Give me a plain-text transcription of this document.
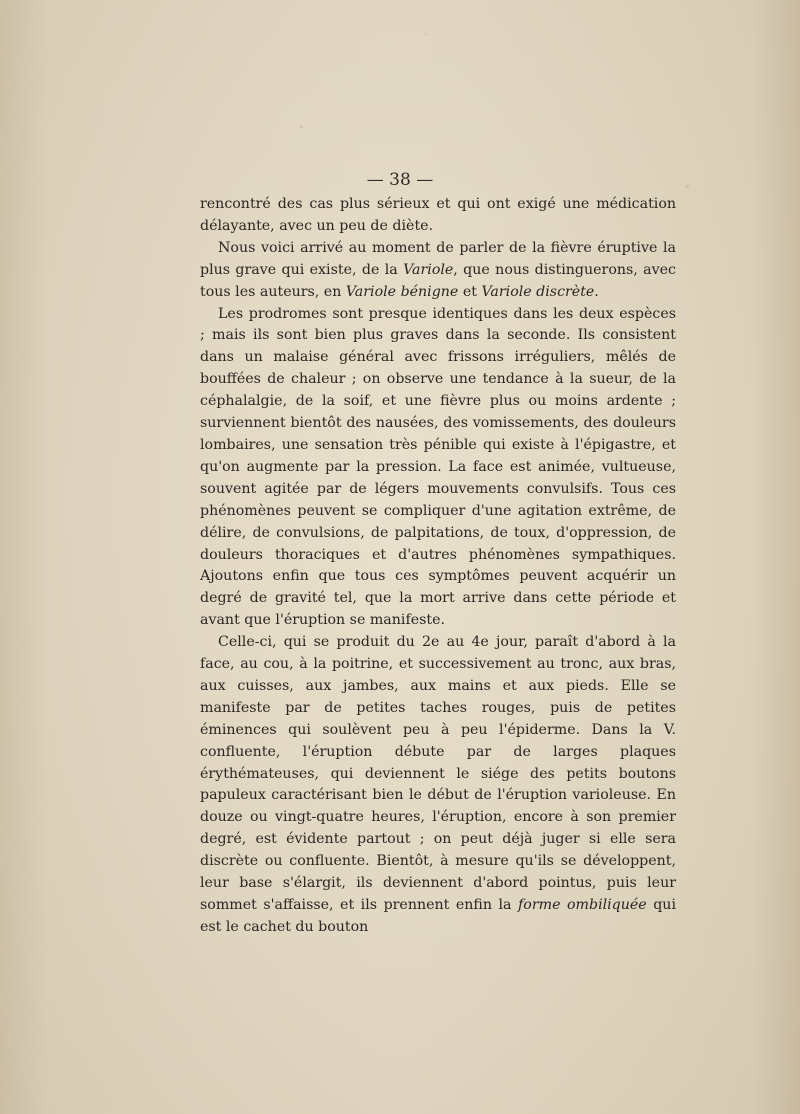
— 38 —

rencontré des cas plus sérieux et qui ont exigé une médication délayante, avec un peu de diète.

Nous voici arrivé au moment de parler de la fièvre éruptive la plus grave qui existe, de la Variole, que nous distinguerons, avec tous les auteurs, en Variole bénigne et Variole discrète.

Les prodromes sont presque identiques dans les deux espèces ; mais ils sont bien plus graves dans la seconde. Ils consistent dans un malaise général avec frissons irréguliers, mêlés de bouffées de chaleur ; on observe une tendance à la sueur, de la céphalalgie, de la soif, et une fièvre plus ou moins ardente ; surviennent bientôt des nausées, des vomissements, des douleurs lombaires, une sensation très pénible qui existe à l'épigastre, et qu'on augmente par la pression. La face est animée, vultueuse, souvent agitée par de légers mouvements convulsifs. Tous ces phénomènes peuvent se compliquer d'une agitation extrême, de délire, de convulsions, de palpitations, de toux, d'oppression, de douleurs thoraciques et d'autres phénomènes sympathiques. Ajoutons enfin que tous ces symptômes peuvent acquérir un degré de gravité tel, que la mort arrive dans cette période et avant que l'éruption se manifeste.

Celle-ci, qui se produit du 2e au 4e jour, paraît d'abord à la face, au cou, à la poitrine, et successivement au tronc, aux bras, aux cuisses, aux jambes, aux mains et aux pieds. Elle se manifeste par de petites taches rouges, puis de petites éminences qui soulèvent peu à peu l'épiderme. Dans la V. confluente, l'éruption débute par de larges plaques érythémateuses, qui deviennent le siége des petits boutons papuleux caractérisant bien le début de l'éruption varioleuse. En douze ou vingt-quatre heures, l'éruption, encore à son premier degré, est évidente partout ; on peut déjà juger si elle sera discrète ou confluente. Bientôt, à mesure qu'ils se développent, leur base s'élargit, ils deviennent d'abord pointus, puis leur sommet s'affaisse, et ils prennent enfin la forme ombiliquée qui est le cachet du bouton
